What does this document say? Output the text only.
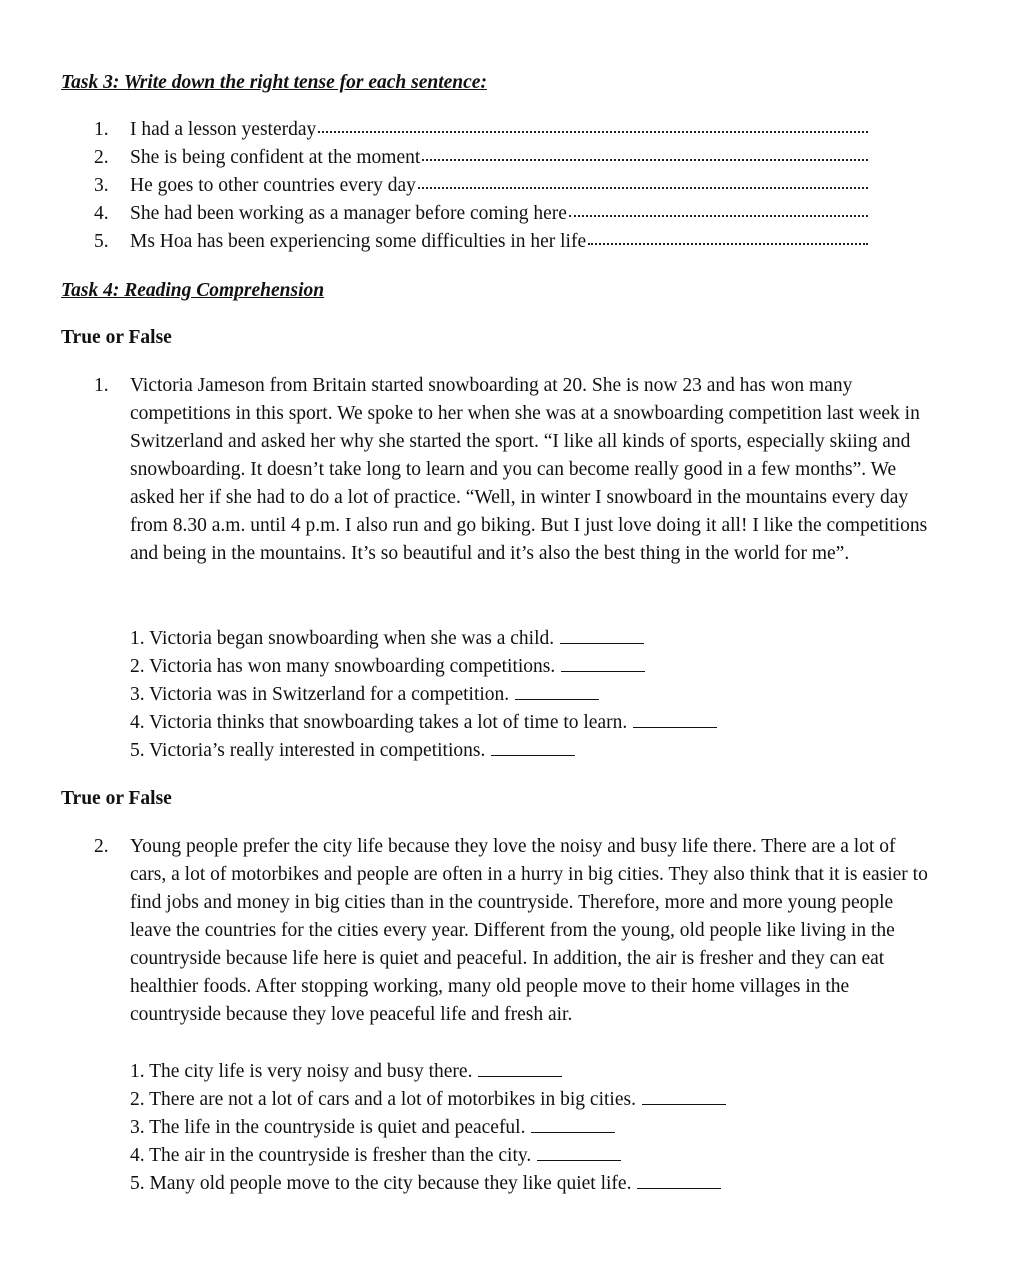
Task 3: Write down the right tense for each sentence:
1.	I had a lesson yesterday
2.	She is being confident at the moment
3.	He goes to other countries every day
4.	She had been working as a manager before coming here
5.	Ms Hoa has been experiencing some difficulties in her life
Task 4: Reading Comprehension
True or False
1.	Victoria Jameson from Britain started snowboarding at 20. She is now 23 and has won many competitions in this sport. We spoke to her when she was at a snowboarding competition last week in Switzerland and asked her why she started the sport. “I like all kinds of sports, especially skiing and snowboarding. It doesn’t take long to learn and you can become really good in a few months”. We asked her if she had to do a lot of practice. “Well, in winter I snowboard in the mountains every day from 8.30 a.m. until 4 p.m. I also run and go biking. But I just love doing it all! I like the competitions and being in the mountains. It’s so beautiful and it’s also the best thing in the world for me”.

1. Victoria began snowboarding when she was a child.
2. Victoria has won many snowboarding competitions.
3. Victoria was in Switzerland for a competition.
4. Victoria thinks that snowboarding takes a lot of time to learn.
5. Victoria’s really interested in competitions.
True or False
2.	Young people prefer the city life because they love the noisy and busy life there. There are a lot of cars, a lot of motorbikes and people are often in a hurry in big cities. They also think that it is easier to find jobs and money in big cities than in the countryside. Therefore, more and more young people leave the countries for the cities every year. Different from the young, old people like living in the countryside because life here is quiet and peaceful. In addition, the air is fresher and they can eat healthier foods. After stopping working, many old people move to their home villages in the countryside because they love peaceful life and fresh air.

1. The city life is very noisy and busy there.
2. There are not a lot of cars and a lot of motorbikes in big cities.
3. The life in the countryside is quiet and peaceful.
4. The air in the countryside is fresher than the city.
5. Many old people move to the city because they like quiet life.
